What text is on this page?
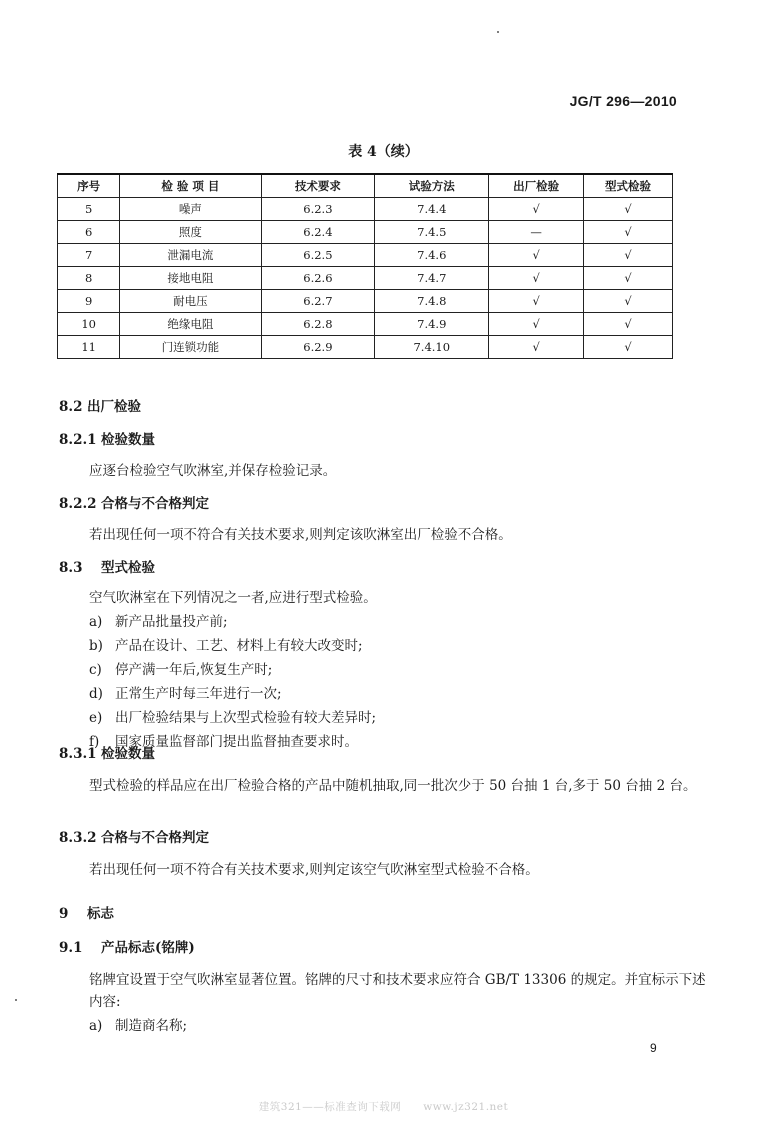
JG/T 296—2010
表 4（续）
序号	检 验 项 目	技术要求	试验方法	出厂检验	型式检验
5	噪声	6.2.3	7.4.4	√	√
6	照度	6.2.4	7.4.5	—	√
7	泄漏电流	6.2.5	7.4.6	√	√
8	接地电阻	6.2.6	7.4.7	√	√
9	耐电压	6.2.7	7.4.8	√	√
10	绝缘电阻	6.2.8	7.4.9	√	√
11	门连锁功能	6.2.9	7.4.10	√	√
8.2 出厂检验
8.2.1 检验数量
应逐台检验空气吹淋室,并保存检验记录。
8.2.2 合格与不合格判定
若出现任何一项不符合有关技术要求,则判定该吹淋室出厂检验不合格。
8.3 型式检验
空气吹淋室在下列情况之一者,应进行型式检验。
a) 新产品批量投产前;
b) 产品在设计、工艺、材料上有较大改变时;
c) 停产满一年后,恢复生产时;
d) 正常生产时每三年进行一次;
e) 出厂检验结果与上次型式检验有较大差异时;
f) 国家质量监督部门提出监督抽查要求时。
8.3.1 检验数量
型式检验的样品应在出厂检验合格的产品中随机抽取,同一批次少于 50 台抽 1 台,多于 50 台抽 2 台。
8.3.2 合格与不合格判定
若出现任何一项不符合有关技术要求,则判定该空气吹淋室型式检验不合格。
9 标志
9.1 产品标志(铭牌)
铭牌宜设置于空气吹淋室显著位置。铭牌的尺寸和技术要求应符合 GB/T 13306 的规定。并宜标示下述内容:
a) 制造商名称;
9
建筑321——标准查询下载网　　www.jz321.net
